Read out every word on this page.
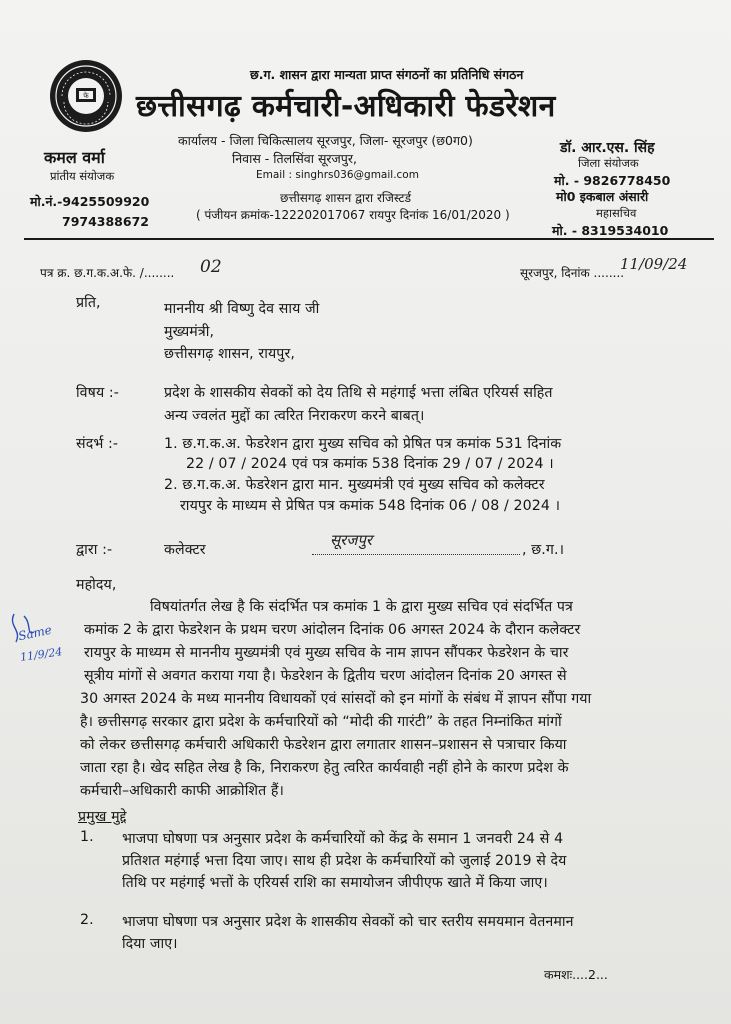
फे
छ.ग. शासन द्वारा मान्यता प्राप्त संगठनों का प्रतिनिधि संगठन
छत्तीसगढ़ कर्मचारी-अधिकारी फेडरेशन
कार्यालय - जिला चिकित्सालय सूरजपुर, जिला- सूरजपुर (छ0ग0)
निवास - तिलसिंवा सूरजपुर,
Email : singhrs036@gmail.com
छत्तीसगढ़ शासन द्वारा रजिस्टर्ड
( पंजीयन क्रमांक-122202017067 रायपुर दिनांक 16/01/2020 )
कमल वर्मा
प्रांतीय संयोजक
मो.नं.-9425509920
7974388672
डॉ. आर.एस. सिंह
जिला संयोजक
मो. - 9826778450
मो0 इकबाल अंसारी
महासचिव
मो. - 8319534010
पत्र क्र. छ.ग.क.अ.फे. /........ 02	सूरजपुर, दिनांक ........
11/09/24
प्रति,	माननीय श्री विष्णु देव साय जी
मुख्यमंत्री,
छत्तीसगढ़ शासन, रायपुर,
विषय :-	प्रदेश के शासकीय सेवकों को देय तिथि से महंगाई भत्ता लंबित एरियर्स सहित
अन्य ज्वलंत मुद्दों का त्वरित निराकरण करने बाबत्।
संदर्भ :-	1. छ.ग.क.अ. फेडरेशन द्वारा मुख्य सचिव को प्रेषित पत्र कमांक 531 दिनांक
22 / 07 / 2024 एवं पत्र कमांक 538 दिनांक 29 / 07 / 2024 ।
2. छ.ग.क.अ. फेडरेशन द्वारा मान. मुख्यमंत्री एवं मुख्य सचिव को कलेक्टर
रायपुर के माध्यम से प्रेषित पत्र कमांक 548 दिनांक 06 / 08 / 2024 ।
द्वारा :-	कलेक्टर
सूरजपुर
, छ.ग.।
महोदय,
विषयांतर्गत लेख है कि संदर्भित पत्र कमांक 1 के द्वारा मुख्य सचिव एवं संदर्भित पत्र
कमांक 2 के द्वारा फेडरेशन के प्रथम चरण आंदोलन दिनांक 06 अगस्त 2024 के दौरान कलेक्टर
रायपुर के माध्यम से माननीय मुख्यमंत्री एवं मुख्य सचिव के नाम ज्ञापन सौंपकर फेडरेशन के चार
सूत्रीय मांगों से अवगत कराया गया है। फेडरेशन के द्वितीय चरण आंदोलन दिनांक 20 अगस्त से
30 अगस्त 2024 के मध्य माननीय विधायकों एवं सांसदों को इन मांगों के संबंध में ज्ञापन सौंपा गया
है। छत्तीसगढ़ सरकार द्वारा प्रदेश के कर्मचारियों को “मोदी की गारंटी” के तहत निम्नांकित मांगों
को लेकर छत्तीसगढ़ कर्मचारी अधिकारी फेडरेशन द्वारा लगातार शासन–प्रशासन से पत्राचार किया
जाता रहा है। खेद सहित लेख है कि, निराकरण हेतु त्वरित कार्यवाही नहीं होने के कारण प्रदेश के
कर्मचारी–अधिकारी काफी आक्रोशित हैं।
प्रमुख मुद्दे
1. भाजपा घोषणा पत्र अनुसार प्रदेश के कर्मचारियों को केंद्र के समान 1 जनवरी 24 से 4
प्रतिशत महंगाई भत्ता दिया जाए। साथ ही प्रदेश के कर्मचारियों को जुलाई 2019 से देय
तिथि पर महंगाई भत्तों के एरियर्स राशि का समायोजन जीपीएफ खाते में किया जाए।
2. भाजपा घोषणा पत्र अनुसार प्रदेश के शासकीय सेवकों को चार स्तरीय समयमान वेतनमान
दिया जाए।
कमशः....2...
Same
11/9/24
